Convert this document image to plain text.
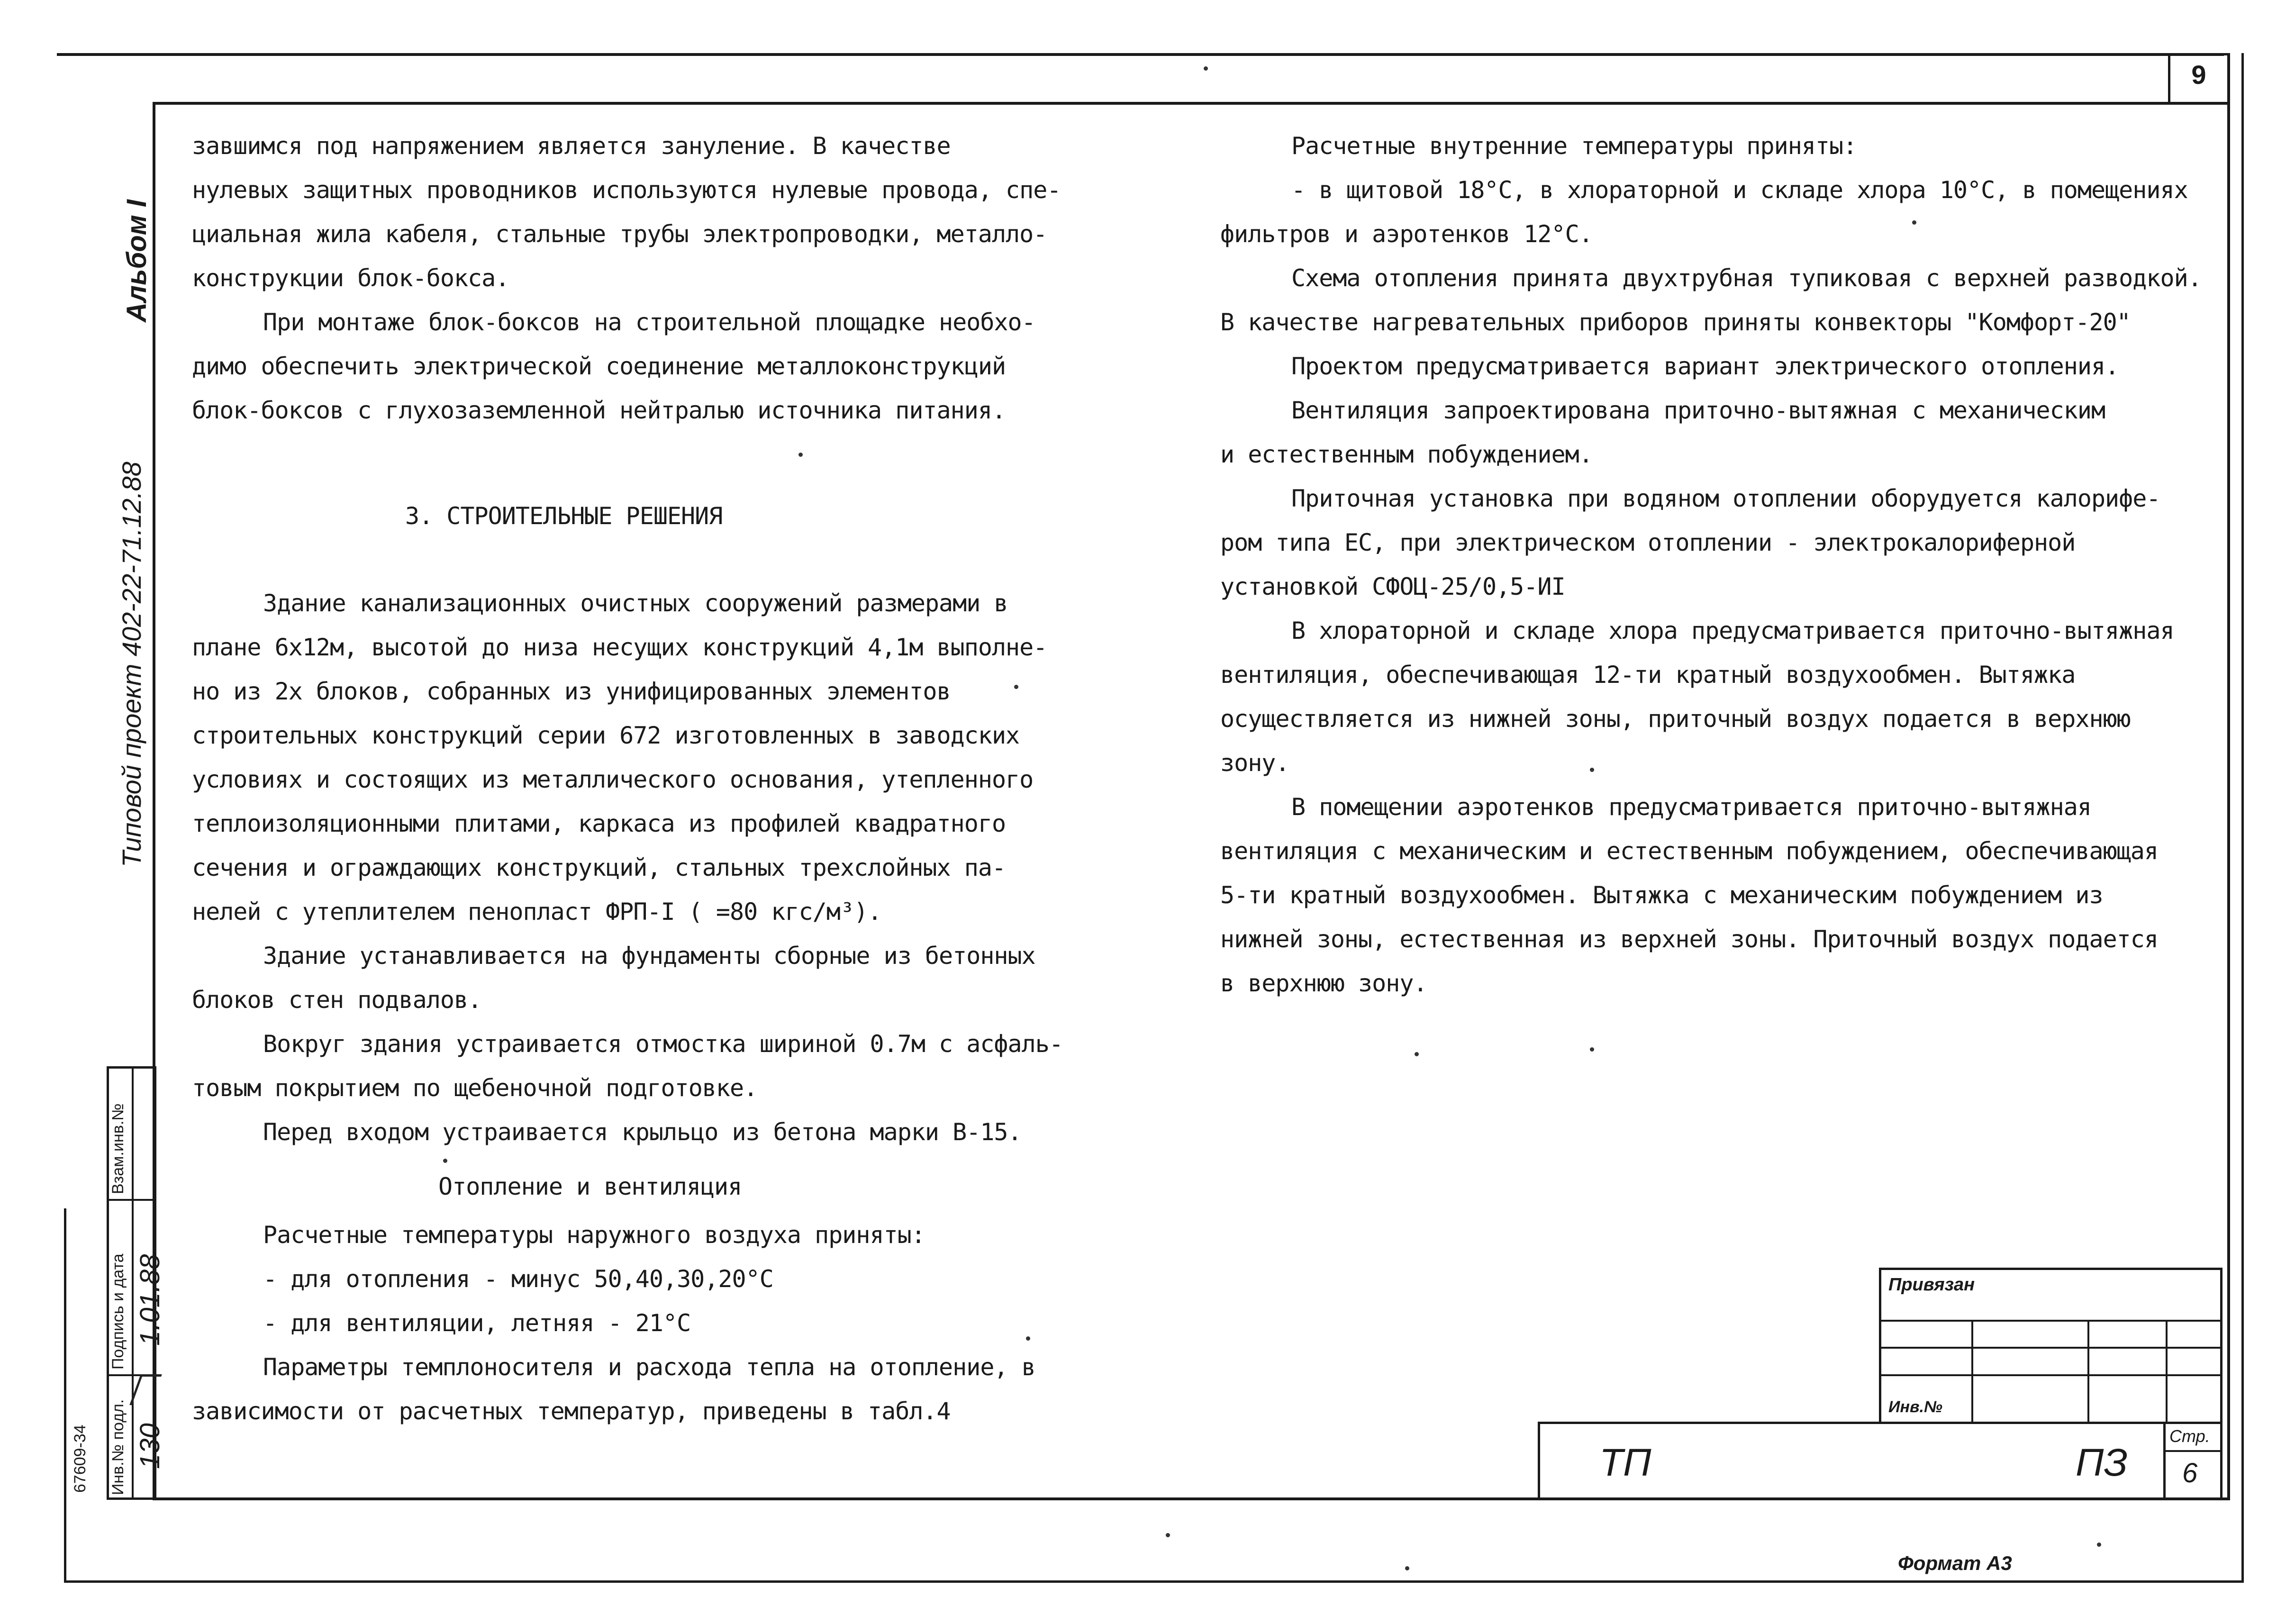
9
Альбом I
Типовой проект 402-22-71.12.88
Инв.№ подл.
Подпись и дата
Взам.инв.№
130
1.01.88
67609-34

завшимся под напряжением является зануление. В качестве

нулевых защитных проводников используются нулевые провода, спе-

циальная жила кабеля, стальные трубы электропроводки, металло-

конструкции блок-бокса.

При монтаже блок-боксов на строительной площадке необхо-

димо обеспечить электрической соединение металлоконструкций

блок-боксов с глухозаземленной нейтралью источника питания.

3. СТРОИТЕЛЬНЫЕ РЕШЕНИЯ

Здание канализационных очистных сооружений размерами в

плане 6х12м, высотой до низа несущих конструкций 4,1м выполне-

но из 2х блоков, собранных из унифицированных элементов

строительных конструкций серии 672 изготовленных в заводских

условиях и состоящих из металлического основания, утепленного

теплоизоляционными плитами, каркаса из профилей квадратного

сечения и ограждающих конструкций, стальных трехслойных па-

нелей с утеплителем пенопласт ФРП-I ( =80 кгс/м³).

Здание устанавливается на фундаменты сборные из бетонных

блоков стен подвалов.

Вокруг здания устраивается отмостка шириной 0.7м с асфаль-

товым покрытием по щебеночной подготовке.

Перед входом устраивается крыльцо из бетона марки В-15.

Отопление и вентиляция

Расчетные температуры наружного воздуха приняты:

- для отопления - минус 50,40,30,20°С

- для вентиляции, летняя - 21°С

Параметры темплоносителя и расхода тепла на отопление, в

зависимости от расчетных температур, приведены в табл.4

Расчетные внутренние температуры приняты:

- в щитовой 18°С, в хлораторной и складе хлора 10°С, в помещениях

фильтров и аэротенков 12°С.

Схема отопления принята двухтрубная тупиковая с верхней разводкой.

В качестве нагревательных приборов приняты конвекторы "Комфорт-20"

Проектом предусматривается вариант электрического отопления.

Вентиляция запроектирована приточно-вытяжная с механическим

и естественным побуждением.

Приточная установка при водяном отоплении оборудуется калорифе-

ром типа ЕС, при электрическом отоплении - электрокалориферной

установкой СФОЦ-25/0,5-ИI

В хлораторной и складе хлора предусматривается приточно-вытяжная

вентиляция, обеспечивающая 12-ти кратный воздухообмен. Вытяжка

осуществляется из нижней зоны, приточный воздух подается в верхнюю

зону.

В помещении аэротенков предусматривается приточно-вытяжная

вентиляция с механическим и естественным побуждением, обеспечивающая

5-ти кратный воздухообмен. Вытяжка с механическим побуждением из

нижней зоны, естественная из верхней зоны. Приточный воздух подается

в верхнюю зону.

Привязан
Инв.№
ТП	ПЗ
Стр.
6
Формат А3
